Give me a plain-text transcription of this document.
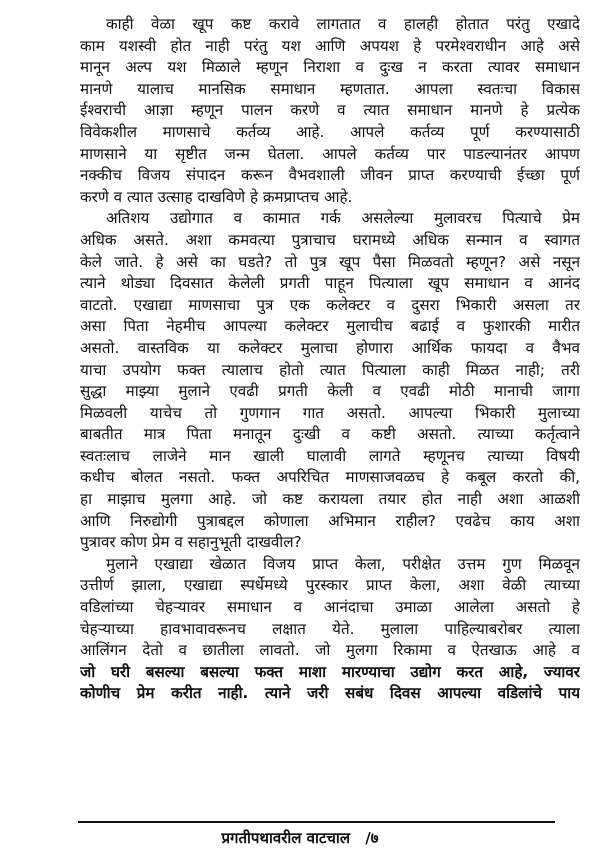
काही वेळा खूप कष्ट करावे लागतात व हालही होतात परंतु एखादे
काम यशस्वी होत नाही परंतु यश आणि अपयश हे परमेश्वराधीन आहे असे
मानून अल्प यश मिळाले म्हणून निराशा व दुःख न करता त्यावर समाधान
मानणे यालाच मानसिक समाधान म्हणतात. आपला स्वतःचा विकास
ईश्वराची आज्ञा म्हणून पालन करणे व त्यात समाधान मानणे हे प्रत्येक
विवेकशील माणसाचे कर्तव्य आहे. आपले कर्तव्य पूर्ण करण्यासाठी
माणसाने या सृष्टीत जन्म घेतला. आपले कर्तव्य पार पाडल्यानंतर आपण
नक्कीच विजय संपादन करून वैभवशाली जीवन प्राप्त करण्याची ईच्छा पूर्ण
करणे व त्यात उत्साह दाखविणे हे क्रमप्राप्तच आहे.
अतिशय उद्योगात व कामात गर्क असलेल्या मुलावरच पित्याचे प्रेम
अधिक असते. अशा कमवत्या पुत्राचाच घरामध्ये अधिक सन्मान व स्वागत
केले जाते. हे असे का घडते? तो पुत्र खूप पैसा मिळवतो म्हणून? असे नसून
त्याने थोड्या दिवसात केलेली प्रगती पाहून पित्याला खूप समाधान व आनंद
वाटतो. एखाद्या माणसाचा पुत्र एक कलेक्टर व दुसरा भिकारी असला तर
असा पिता नेहमीच आपल्या कलेक्टर मुलाचीच बढाई व फुशारकी मारीत
असतो. वास्तविक या कलेक्टर मुलाचा होणारा आर्थिक फायदा व वैभव
याचा उपयोग फक्त त्यालाच होतो त्यात पित्याला काही मिळत नाही; तरी
सुद्धा माझ्या मुलाने एवढी प्रगती केली व एवढी मोठी मानाची जागा
मिळवली याचेच तो गुणगान गात असतो. आपल्या भिकारी मुलाच्या
बाबतीत मात्र पिता मनातून दुःखी व कष्टी असतो. त्याच्या कर्तृत्वाने
स्वतःलाच लाजेने मान खाली घालावी लागते म्हणूनच त्याच्या विषयी
कधीच बोलत नसतो. फक्त अपरिचित माणसाजवळच हे कबूल करतो की,
हा माझाच मुलगा आहे. जो कष्ट करायला तयार होत नाही अशा आळशी
आणि निरुद्योगी पुत्राबद्दल कोणाला अभिमान राहील? एवढेच काय अशा
पुत्रावर कोण प्रेम व सहानुभूती दाखवील?
मुलाने एखाद्या खेळात विजय प्राप्त केला, परीक्षेत उत्तम गुण मिळवून
उत्तीर्ण झाला, एखाद्या स्पर्धेमध्ये पुरस्कार प्राप्त केला, अशा वेळी त्याच्या
वडिलांच्या चेहऱ्यावर समाधान व आनंदाचा उमाळा आलेला असतो हे
चेहऱ्याच्या हावभावावरूनच लक्षात येते. मुलाला पाहिल्याबरोबर त्याला
आलिंगन देतो व छातीला लावतो. जो मुलगा रिकामा व ऐतखाऊ आहे व
जो घरी बसल्या बसल्या फक्त माशा मारण्याचा उद्योग करत आहे, ज्यावर
कोणीच प्रेम करीत नाही. त्याने जरी सबंध दिवस आपल्या वडिलांचे पाय
प्रगतीपथावरील वाटचाल /७
